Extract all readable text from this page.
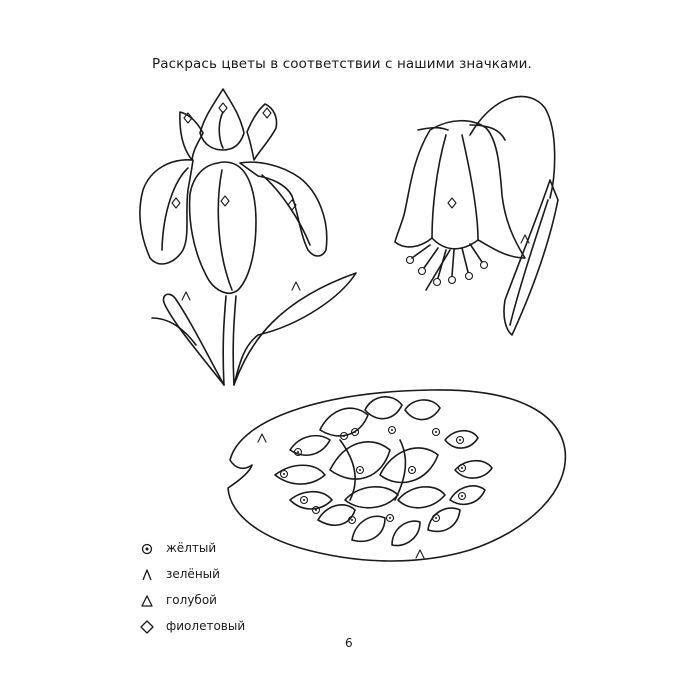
Раскрась цветы в соответствии с нашими значками.
жёлтый
зелёный
голубой
фиолетовый
6
